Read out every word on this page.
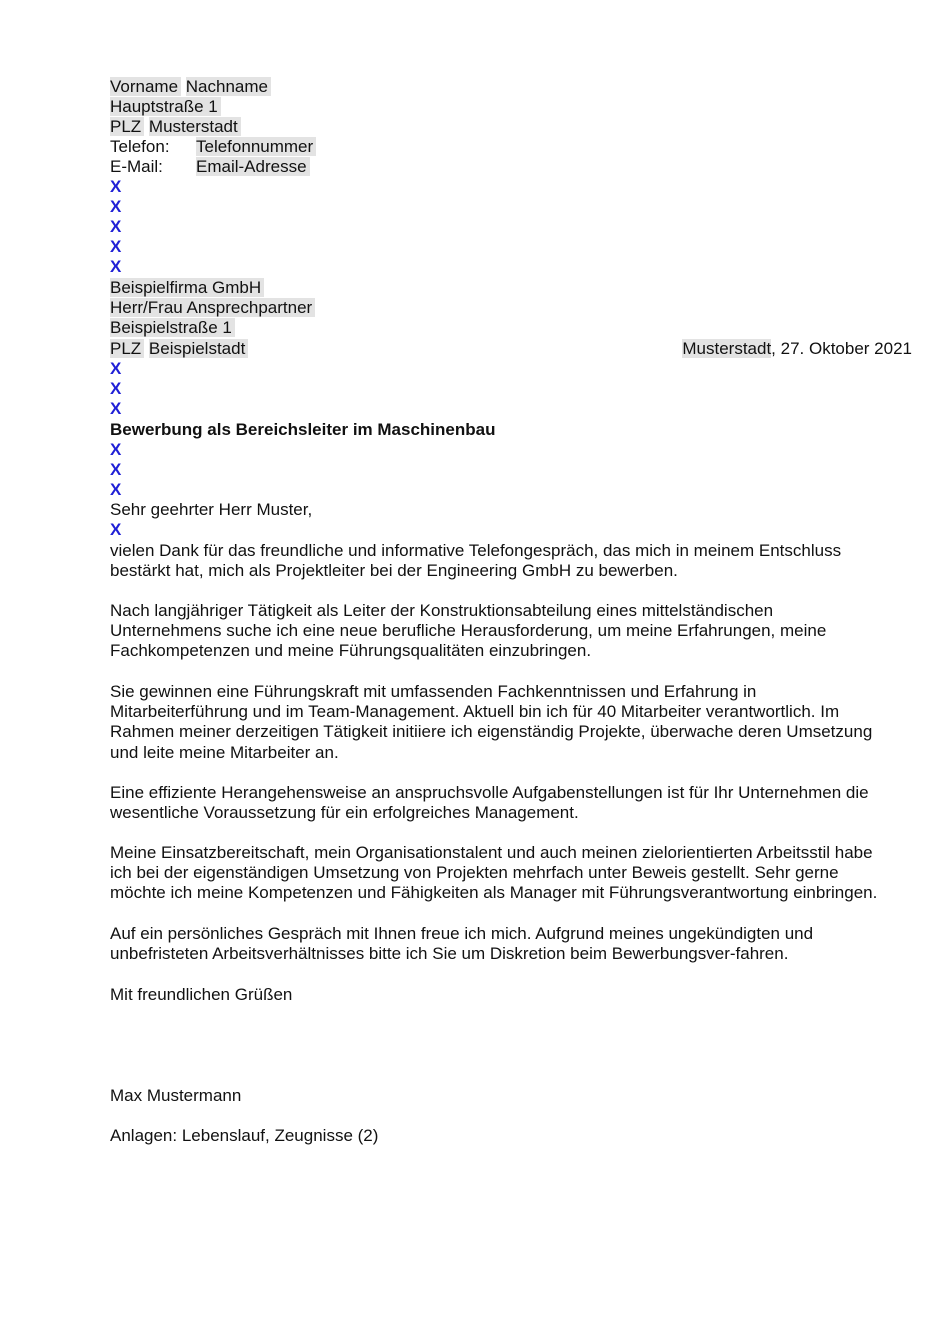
Vorname Nachname
Hauptstraße 1
PLZ Musterstadt
Telefon: Telefonnummer
E-Mail: Email-Adresse
X
X
X
X
X
Beispielfirma GmbH
Herr/Frau Ansprechpartner
Beispielstraße 1
PLZ Beispielstadt	Musterstadt, 27. Oktober 2021
X
X
X
Bewerbung als Bereichsleiter im Maschinenbau
X
X
X
Sehr geehrter Herr Muster,
X
vielen Dank für das freundliche und informative Telefongespräch, das mich in meinem Entschluss
bestärkt hat, mich als Projektleiter bei der Engineering GmbH zu bewerben.
Nach langjähriger Tätigkeit als Leiter der Konstruktionsabteilung eines mittelständischen
Unternehmens suche ich eine neue berufliche Herausforderung, um meine Erfahrungen, meine
Fachkompetenzen und meine Führungsqualitäten einzubringen.
Sie gewinnen eine Führungskraft mit umfassenden Fachkenntnissen und Erfahrung in
Mitarbeiterführung und im Team-Management. Aktuell bin ich für 40 Mitarbeiter verantwortlich. Im
Rahmen meiner derzeitigen Tätigkeit initiiere ich eigenständig Projekte, überwache deren Umsetzung
und leite meine Mitarbeiter an.
Eine effiziente Herangehensweise an anspruchsvolle Aufgabenstellungen ist für Ihr Unternehmen die
wesentliche Voraussetzung für ein erfolgreiches Management.
Meine Einsatzbereitschaft, mein Organisationstalent und auch meinen zielorientierten Arbeitsstil habe
ich bei der eigenständigen Umsetzung von Projekten mehrfach unter Beweis gestellt. Sehr gerne
möchte ich meine Kompetenzen und Fähigkeiten als Manager mit Führungsverantwortung einbringen.
Auf ein persönliches Gespräch mit Ihnen freue ich mich. Aufgrund meines ungekündigten und
unbefristeten Arbeitsverhältnisses bitte ich Sie um Diskretion beim Bewerbungsver-fahren.
Mit freundlichen Grüßen
Max Mustermann
Anlagen: Lebenslauf, Zeugnisse (2)
